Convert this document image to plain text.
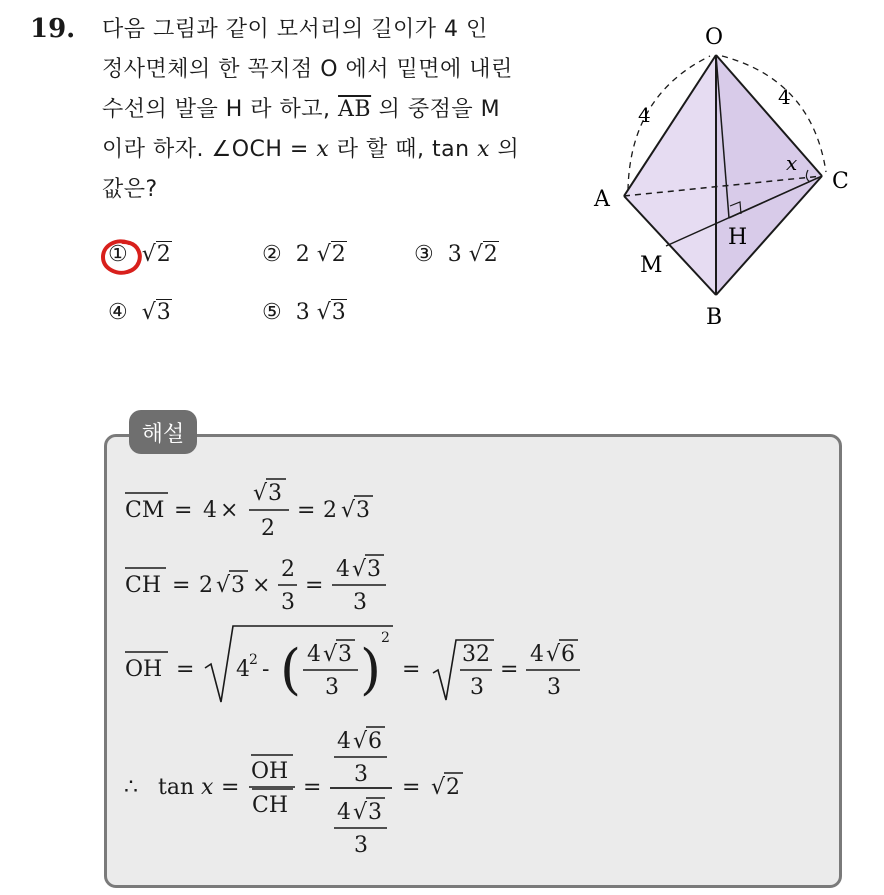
19. 다음 그림과 같이 모서리의 길이가 4 인
정사면체의 한 꼭지점 O 에서 밑면에 내린
수선의 발을 H 라 하고, $\overline{AB}$ 의 중점을 M
이라 하자. ∠OCH = x 라 할 때, tan x 의
값은?
① √2	② 2 √2	③ 3 √2
④ √3	⑤ 3 √3
O
A
B
C
H
M
x
4
4
해설
CM = 4 ×
√ 3
2
= 2 √ 3
CH = 2 √ 3 ×
2
3
=
4 √ 3
3
OH = 4 2 - ( 4 √ 3
3 ) 2
=
32
3
=
4 √ 6
3
∴ tan x =
OH
CH
=
4 √ 6
3
4 √ 3
3
= √ 2
